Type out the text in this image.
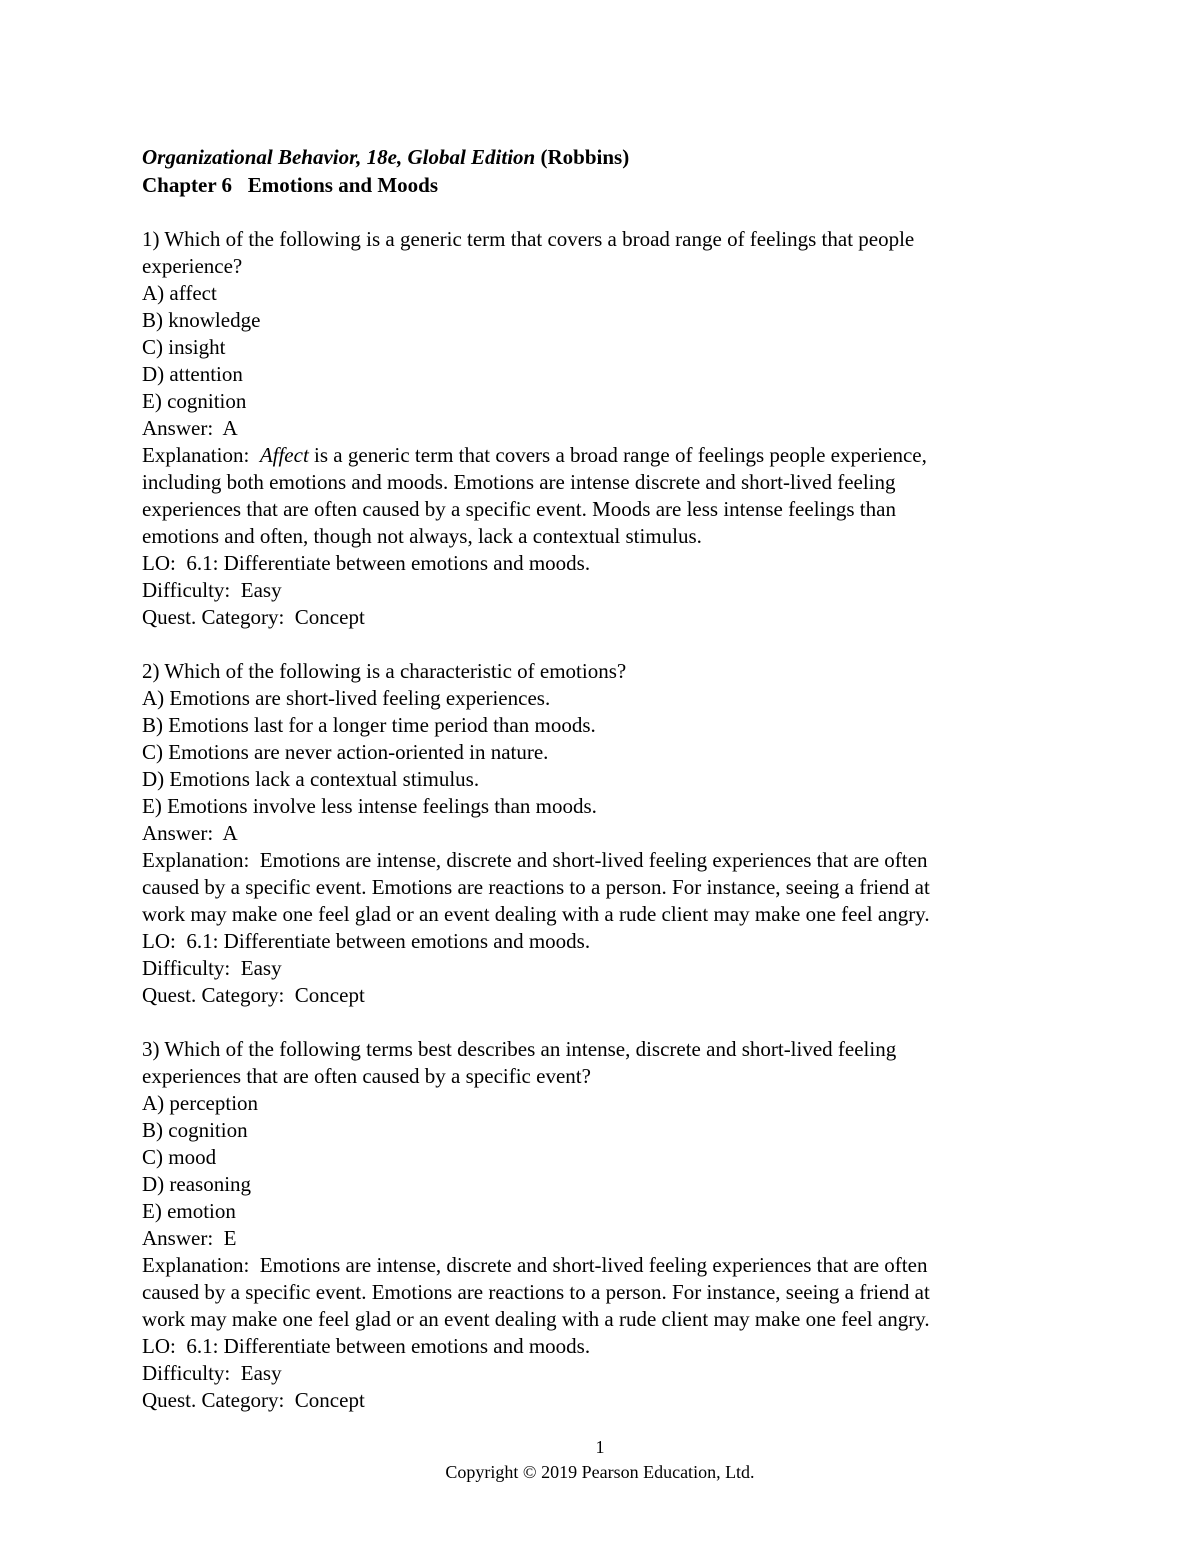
Organizational Behavior, 18e, Global Edition (Robbins)
Chapter 6   Emotions and Moods
1) Which of the following is a generic term that covers a broad range of feelings that people
experience?
A) affect
B) knowledge
C) insight
D) attention
E) cognition
Answer:  A
Explanation:  Affect is a generic term that covers a broad range of feelings people experience,
including both emotions and moods. Emotions are intense discrete and short-lived feeling
experiences that are often caused by a specific event. Moods are less intense feelings than
emotions and often, though not always, lack a contextual stimulus.
LO:  6.1: Differentiate between emotions and moods.
Difficulty:  Easy
Quest. Category:  Concept
2) Which of the following is a characteristic of emotions?
A) Emotions are short-lived feeling experiences.
B) Emotions last for a longer time period than moods.
C) Emotions are never action-oriented in nature.
D) Emotions lack a contextual stimulus.
E) Emotions involve less intense feelings than moods.
Answer:  A
Explanation:  Emotions are intense, discrete and short-lived feeling experiences that are often
caused by a specific event. Emotions are reactions to a person. For instance, seeing a friend at
work may make one feel glad or an event dealing with a rude client may make one feel angry.
LO:  6.1: Differentiate between emotions and moods.
Difficulty:  Easy
Quest. Category:  Concept
3) Which of the following terms best describes an intense, discrete and short-lived feeling
experiences that are often caused by a specific event?
A) perception
B) cognition
C) mood
D) reasoning
E) emotion
Answer:  E
Explanation:  Emotions are intense, discrete and short-lived feeling experiences that are often
caused by a specific event. Emotions are reactions to a person. For instance, seeing a friend at
work may make one feel glad or an event dealing with a rude client may make one feel angry.
LO:  6.1: Differentiate between emotions and moods.
Difficulty:  Easy
Quest. Category:  Concept
1
Copyright © 2019 Pearson Education, Ltd.
